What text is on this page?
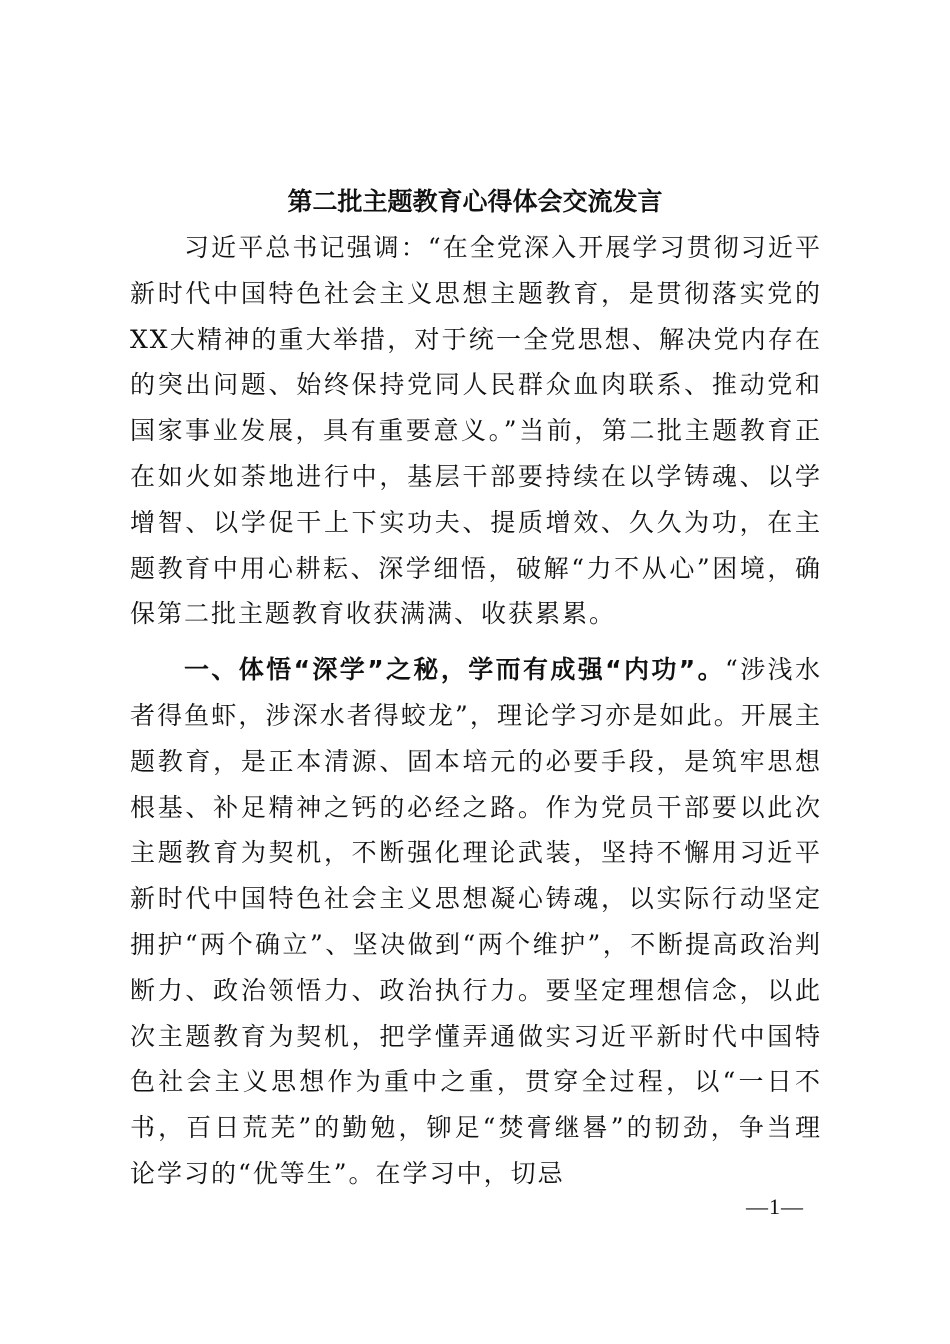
第二批主题教育心得体会交流发言

习近平总书记强调：“在全党深入开展学习贯彻习近平新时代中国特色社会主义思想主题教育，是贯彻落实党的XX大精神的重大举措，对于统一全党思想、解决党内存在的突出问题、始终保持党同人民群众血肉联系、推动党和国家事业发展，具有重要意义。”当前，第二批主题教育正在如火如荼地进行中，基层干部要持续在以学铸魂、以学增智、以学促干上下实功夫、提质增效、久久为功，在主题教育中用心耕耘、深学细悟，破解“力不从心”困境，确保第二批主题教育收获满满、收获累累。

一、体悟“深学”之秘，学而有成强“内功”。“涉浅水者得鱼虾，涉深水者得蛟龙”，理论学习亦是如此。开展主题教育，是正本清源、固本培元的必要手段，是筑牢思想根基、补足精神之钙的必经之路。作为党员干部要以此次主题教育为契机，不断强化理论武装，坚持不懈用习近平新时代中国特色社会主义思想凝心铸魂，以实际行动坚定拥护“两个确立”、坚决做到“两个维护”，不断提高政治判断力、政治领悟力、政治执行力。要坚定理想信念，以此次主题教育为契机，把学懂弄通做实习近平新时代中国特色社会主义思想作为重中之重，贯穿全过程，以“一日不书，百日荒芜”的勤勉，铆足“焚膏继晷”的韧劲，争当理论学习的“优等生”。在学习中，切忌

—1—
